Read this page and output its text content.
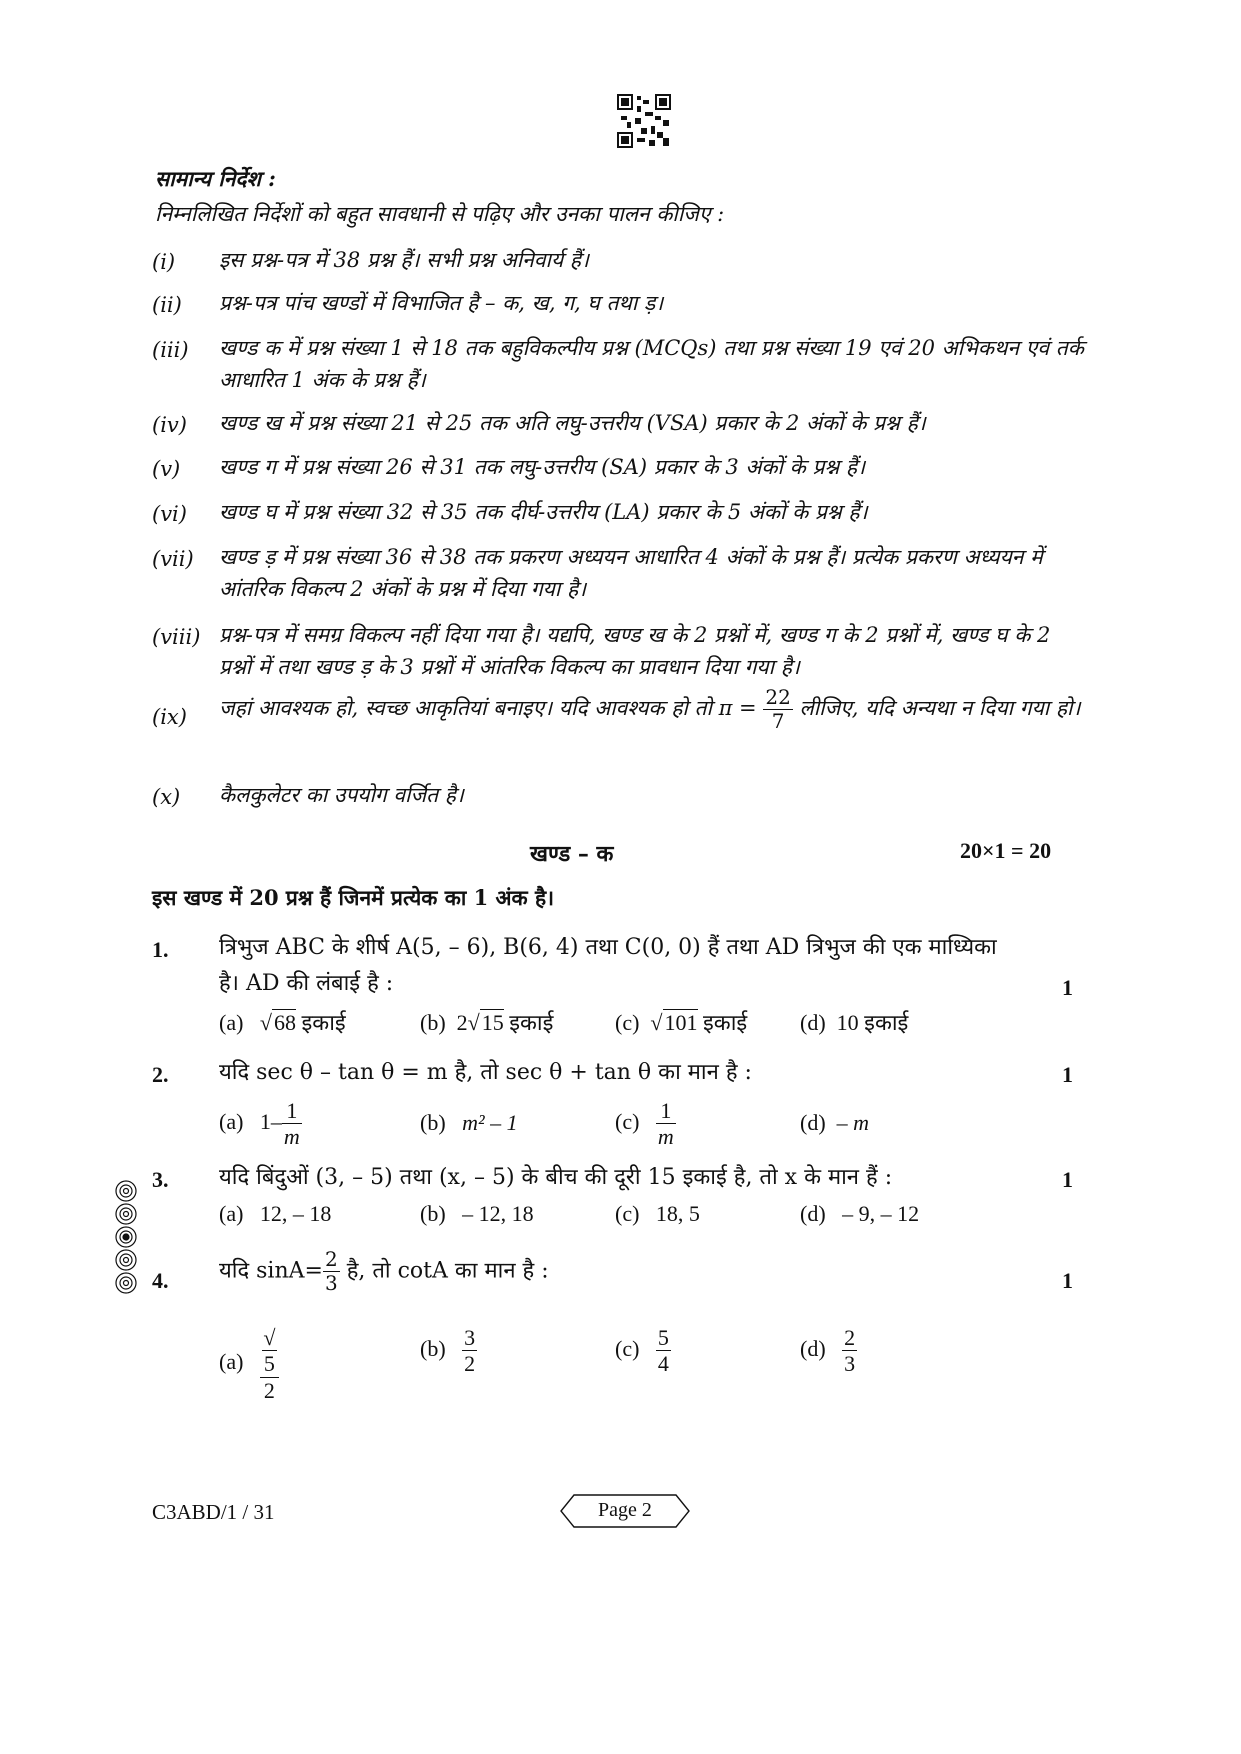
सामान्य निर्देश :
निम्नलिखित निर्देशों को बहुत सावधानी से पढ़िए और उनका पालन कीजिए :
(i) इस प्रश्न-पत्र में 38 प्रश्न हैं। सभी प्रश्न अनिवार्य हैं।
(ii) प्रश्न-पत्र पांच खण्डों में विभाजित है – क, ख, ग, घ तथा ड़।
(iii) खण्ड क में प्रश्न संख्या 1 से 18 तक बहुविकल्पीय प्रश्न (MCQs) तथा प्रश्न संख्या 19 एवं 20 अभिकथन एवं तर्क आधारित 1 अंक के प्रश्न हैं।
(iv) खण्ड ख में प्रश्न संख्या 21 से 25 तक अति लघु-उत्तरीय (VSA) प्रकार के 2 अंकों के प्रश्न हैं।
(v) खण्ड ग में प्रश्न संख्या 26 से 31 तक लघु-उत्तरीय (SA) प्रकार के 3 अंकों के प्रश्न हैं।
(vi) खण्ड घ में प्रश्न संख्या 32 से 35 तक दीर्घ-उत्तरीय (LA) प्रकार के 5 अंकों के प्रश्न हैं।
(vii) खण्ड ड़ में प्रश्न संख्या 36 से 38 तक प्रकरण अध्ययन आधारित 4 अंकों के प्रश्न हैं। प्रत्येक प्रकरण अध्ययन में आंतरिक विकल्प 2 अंकों के प्रश्न में दिया गया है।
(viii) प्रश्न-पत्र में समग्र विकल्प नहीं दिया गया है। यद्यपि, खण्ड ख के 2 प्रश्नों में, खण्ड ग के 2 प्रश्नों में, खण्ड घ के 2 प्रश्नों में तथा खण्ड ड़ के 3 प्रश्नों में आंतरिक विकल्प का प्रावधान दिया गया है।
(ix) जहां आवश्यक हो, स्वच्छ आकृतियां बनाइए। यदि आवश्यक हो तो $\pi = \frac{22}{7}$ लीजिए, यदि अन्यथा न दिया गया हो।
(x) कैलकुलेटर का उपयोग वर्जित है।
खण्ड – क	20×1 = 20
इस खण्ड में 20 प्रश्न हैं जिनमें प्रत्येक का 1 अंक है।
1. त्रिभुज ABC के शीर्ष A(5, – 6), B(6, 4) तथा C(0, 0) हैं तथा AD त्रिभुज की एक माध्यिका है। AD की लंबाई है :	1
(a)   √68 इकाई	(b) 2√15 इकाई	(c)  √101 इकाई (d) 10 इकाई
2. यदि sec θ – tan θ = m है, तो sec θ + tan θ का मान है :	1
(a) $1- \frac{1}{m}$	(b) m² – 1	$(c) \frac{1}{m}$	(d) – m
3. यदि बिंदुओं (3, – 5) तथा (x, – 5) के बीच की दूरी 15 इकाई है, तो x के मान हैं :	1
(a) 12, – 18	(b) – 12, 18	(c) 18, 5	(d) – 9, – 12
4. यदि $\sin A= \frac{2}{3}$ है, तो cotA का मान है :	1
(a) √
5
2	$(b) \frac{3}{2}$	$(c) \frac{5}{4}$	$(d) \frac{2}{3}$
C3ABD/1 / 31	Page 2
